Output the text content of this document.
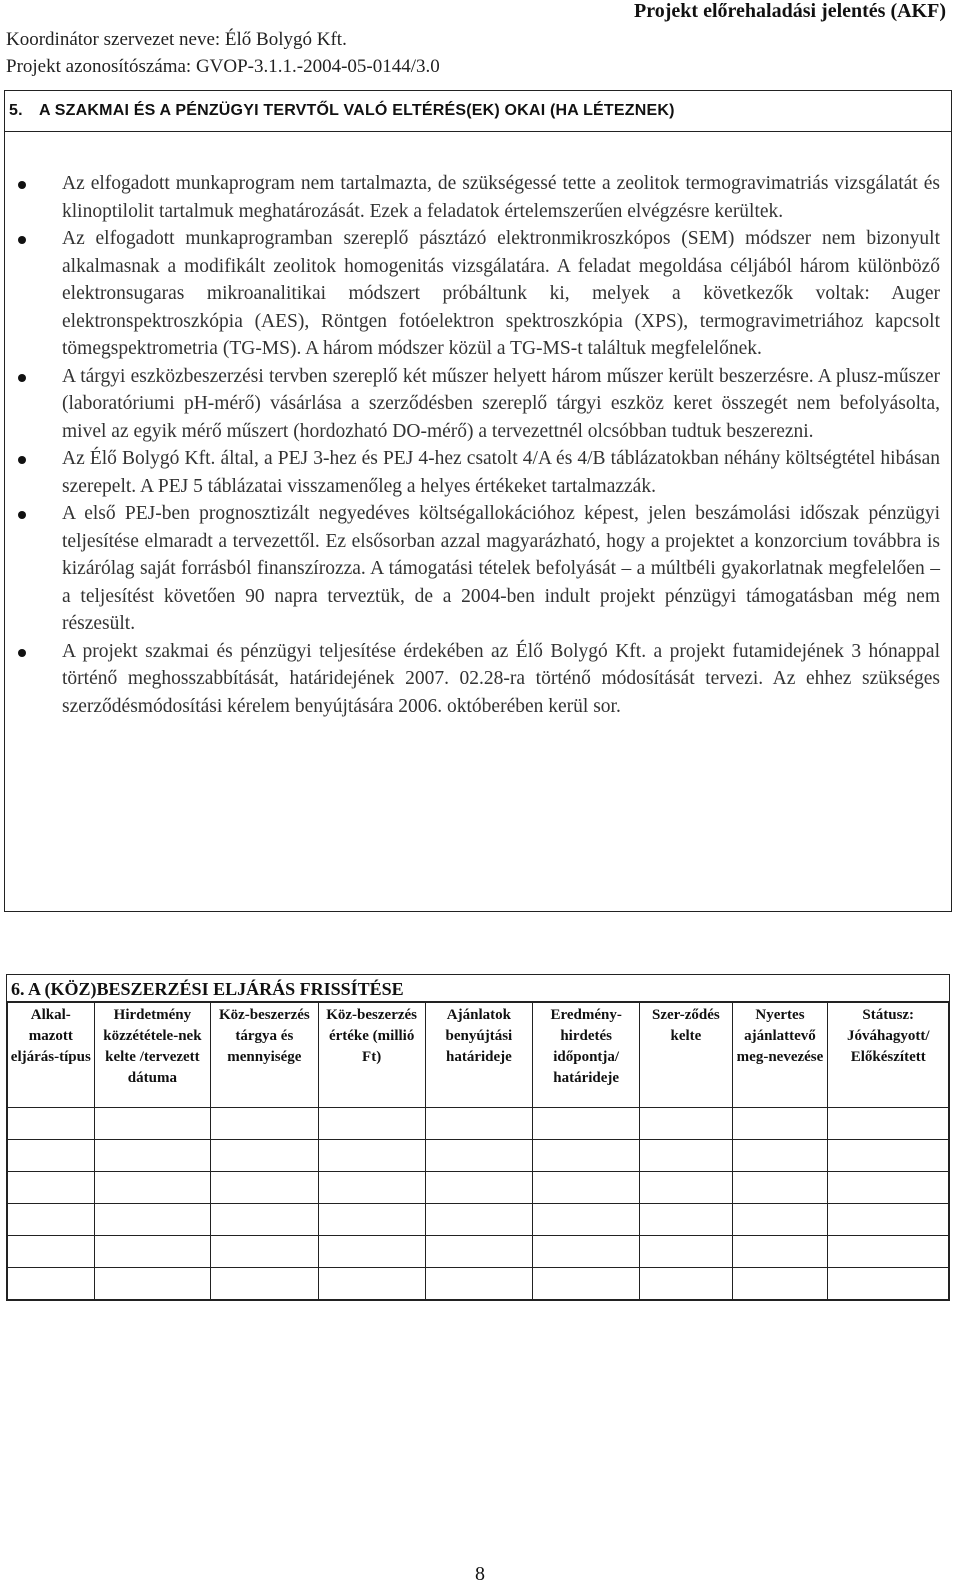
Projekt előrehaladási jelentés (AKF)
Koordinátor szervezet neve: Élő Bolygó Kft.
Projekt azonosítószáma: GVOP-3.1.1.-2004-05-0144/3.0
5. A SZAKMAI ÉS A PÉNZÜGYI TERVTŐL VALÓ ELTÉRÉS(EK) OKAI (HA LÉTEZNEK)
Az elfogadott munkaprogram nem tartalmazta, de szükségessé tette a zeolitok termogravimatriás vizsgálatát és klinoptilolit tartalmuk meghatározását. Ezek a feladatok értelemszerűen elvégzésre kerültek.
Az elfogadott munkaprogramban szereplő pásztázó elektronmikroszkópos (SEM) módszer nem bizonyult alkalmasnak a modifikált zeolitok homogenitás vizsgálatára. A feladat megoldása céljából három különböző elektronsugaras mikroanalitikai módszert próbáltunk ki, melyek a következők voltak: Auger elektronspektroszkópia (AES), Röntgen fotóelektron spektroszkópia (XPS), termogravimetriához kapcsolt tömegspektrometria (TG-MS). A három módszer közül a TG-MS-t találtuk megfelelőnek.
A tárgyi eszközbeszerzési tervben szereplő két műszer helyett három műszer került beszerzésre. A plusz-műszer (laboratóriumi pH-mérő) vásárlása a szerződésben szereplő tárgyi eszköz keret összegét nem befolyásolta, mivel az egyik mérő műszert (hordozható DO-mérő) a tervezettnél olcsóbban tudtuk beszerezni.
Az Élő Bolygó Kft. által, a PEJ 3-hez és PEJ 4-hez csatolt 4/A és 4/B táblázatokban néhány költségtétel hibásan szerepelt. A PEJ 5 táblázatai visszamenőleg a helyes értékeket tartalmazzák.
A első PEJ-ben prognosztizált negyedéves költségallokációhoz képest, jelen beszámolási időszak pénzügyi teljesítése elmaradt a tervezettől. Ez elsősorban azzal magyarázható, hogy a projektet a konzorcium továbbra is kizárólag saját forrásból finanszírozza. A támogatási tételek befolyását – a múltbéli gyakorlatnak megfelelően – a teljesítést követően 90 napra terveztük, de a 2004-ben indult projekt pénzügyi támogatásban még nem részesült.
A projekt szakmai és pénzügyi teljesítése érdekében az Élő Bolygó Kft. a projekt futamidejének 3 hónappal történő meghosszabbítását, határidejének 2007. 02.28-ra történő módosítását tervezi. Az ehhez szükséges szerződésmódosítási kérelem benyújtására 2006. októberében kerül sor.
6. A (KÖZ)BESZERZÉSI ELJÁRÁS FRISSÍTÉSE
Alkal-mazott eljárás-típus	Hirdetmény közzététele-nek kelte /tervezett dátuma	Köz-beszerzés tárgya és mennyisége	Köz-beszerzés értéke (millió Ft)	Ajánlatok benyújtási határideje	Eredmény-hirdetés időpontja/ határideje	Szer-ződés kelte	Nyertes ajánlattevő meg-nevezése	Státusz: Jóváhagyott/ Előkészített

8
